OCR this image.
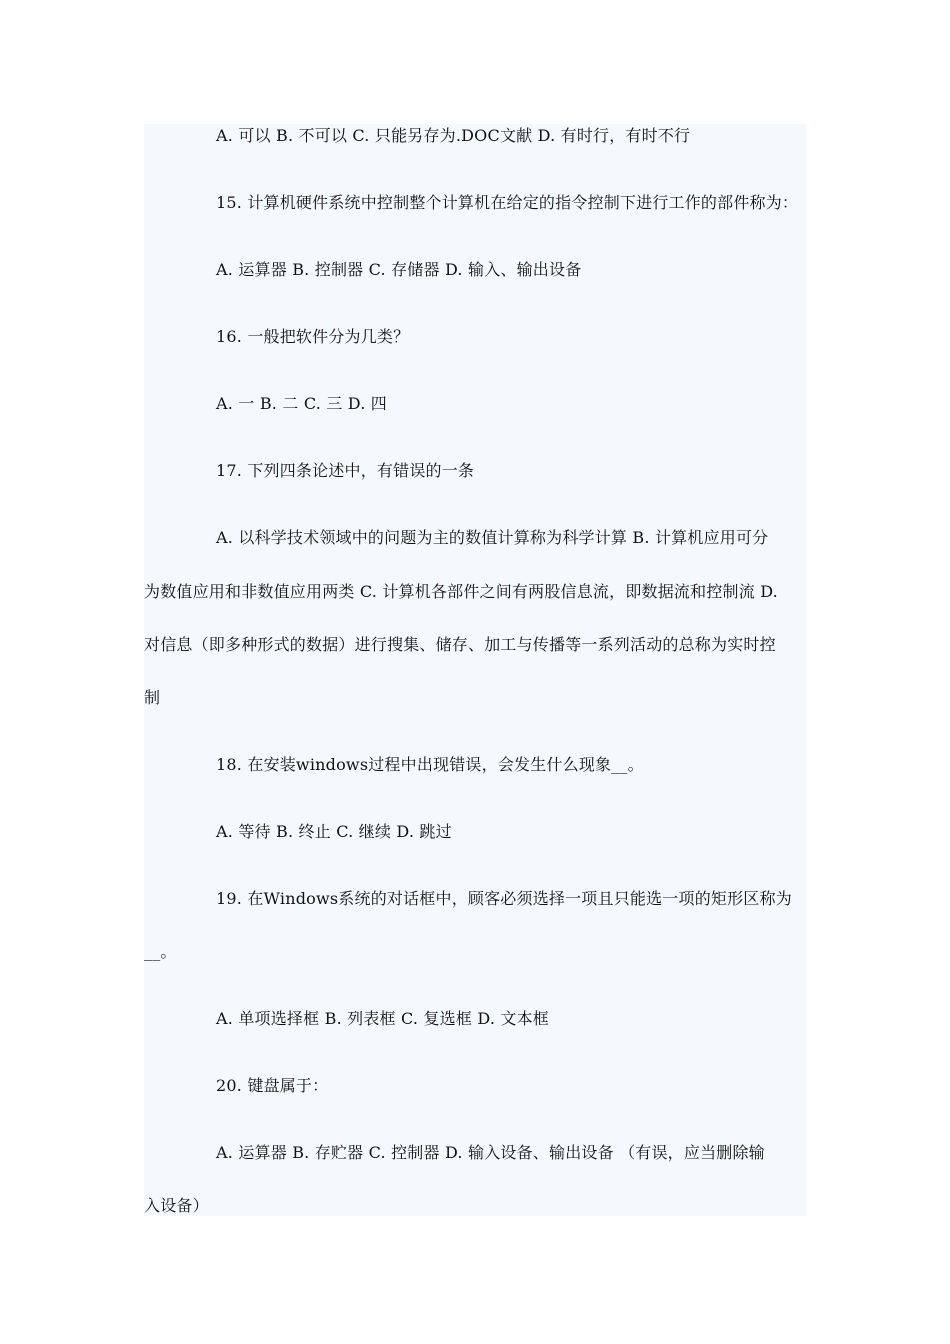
A. 可以 B. 不可以 C. 只能另存为.DOC文献 D. 有时行，有时不行
15. 计算机硬件系统中控制整个计算机在给定的指令控制下进行工作的部件称为：
A. 运算器 B. 控制器 C. 存储器 D. 输入、输出设备
16. 一般把软件分为几类？
A. 一 B. 二 C. 三 D. 四
17. 下列四条论述中，有错误的一条
A. 以科学技术领域中的问题为主的数值计算称为科学计算 B. 计算机应用可分
为数值应用和非数值应用两类 C. 计算机各部件之间有两股信息流，即数据流和控制流 D.
对信息（即多种形式的数据）进行搜集、储存、加工与传播等一系列活动的总称为实时控
制
18. 在安装windows过程中出现错误，会发生什么现象__。
A. 等待 B. 终止 C. 继续 D. 跳过
19. 在Windows系统的对话框中，顾客必须选择一项且只能选一项的矩形区称为
__。
A. 单项选择框 B. 列表框 C. 复选框 D. 文本框
20. 键盘属于：
A. 运算器 B. 存贮器 C. 控制器 D. 输入设备、输出设备 （有误，应当删除输
入设备）
